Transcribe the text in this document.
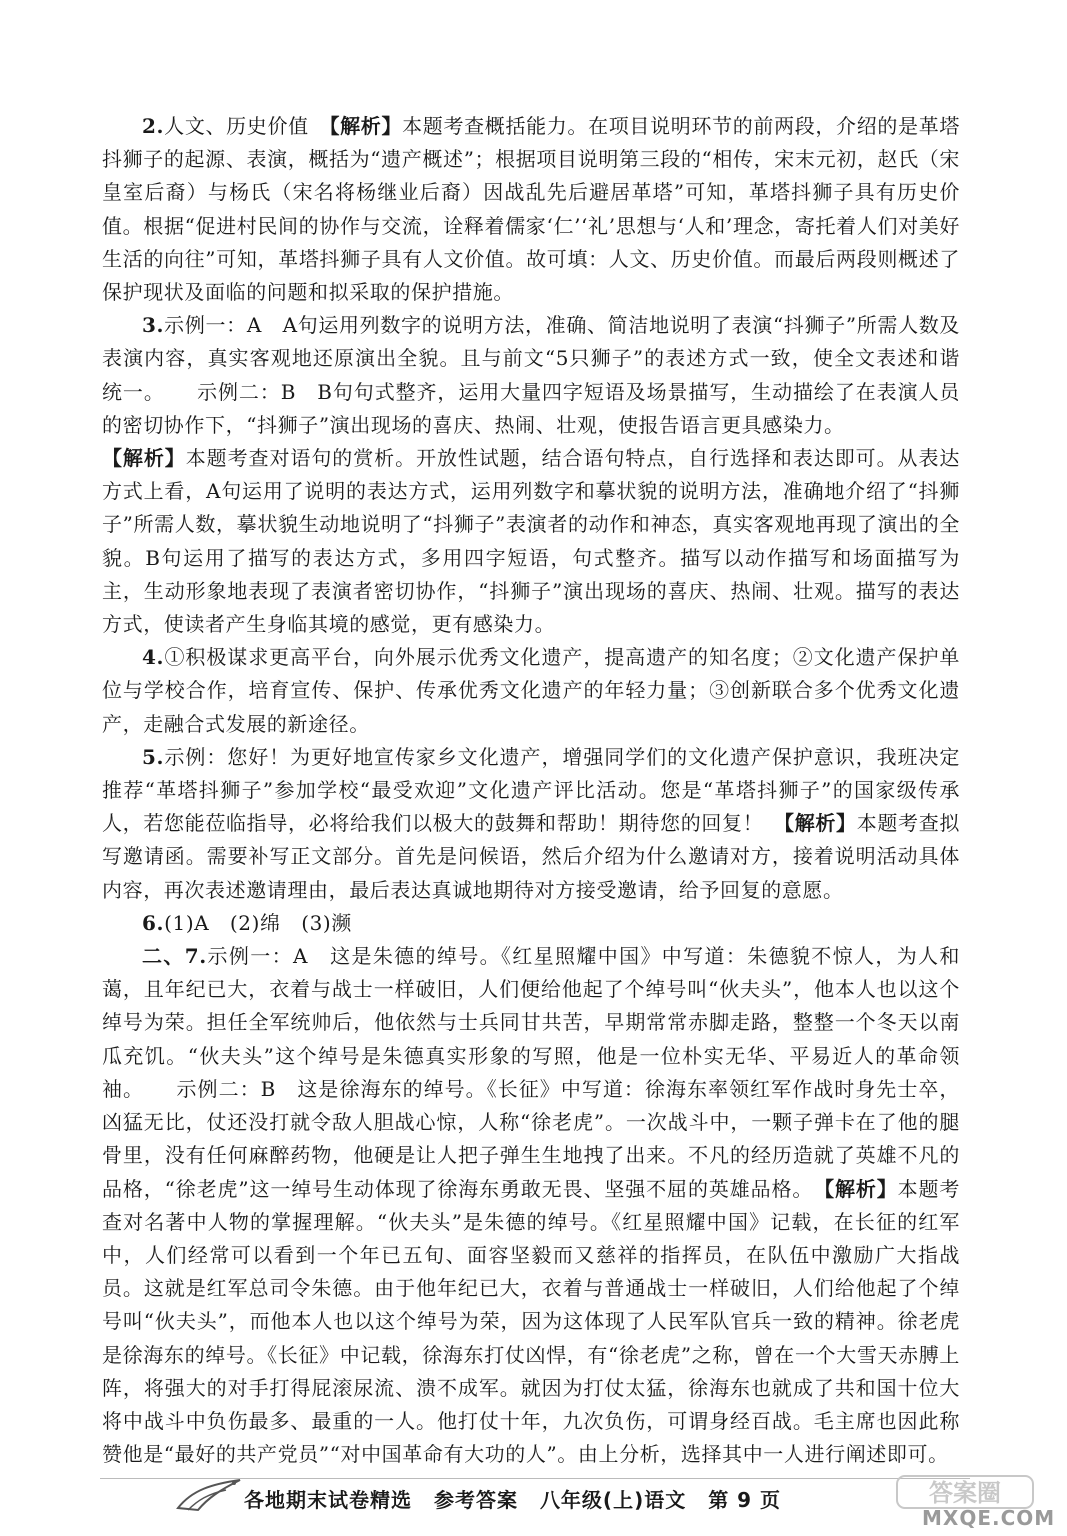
2.人文、历史价值　【解析】本题考查概括能力。在项目说明环节的前两段，介绍的是革塔抖狮子的起源、表演，概括为“遗产概述”；根据项目说明第三段的“相传，宋末元初，赵氏（宋皇室后裔）与杨氏（宋名将杨继业后裔）因战乱先后避居革塔”可知，革塔抖狮子具有历史价值。根据“促进村民间的协作与交流，诠释着儒家‘仁’‘礼’思想与‘人和’理念，寄托着人们对美好生活的向往”可知，革塔抖狮子具有人文价值。故可填：人文、历史价值。而最后两段则概述了保护现状及面临的问题和拟采取的保护措施。

3.示例一：A　A句运用列数字的说明方法，准确、简洁地说明了表演“抖狮子”所需人数及表演内容，真实客观地还原演出全貌。且与前文“5只狮子”的表述方式一致，使全文表述和谐统一。 示例二：B　B句句式整齐，运用大量四字短语及场景描写，生动描绘了在表演人员的密切协作下，“抖狮子”演出现场的喜庆、热闹、壮观，使报告语言更具感染力。

【解析】本题考查对语句的赏析。开放性试题，结合语句特点，自行选择和表达即可。从表达方式上看，A句运用了说明的表达方式，运用列数字和摹状貌的说明方法，准确地介绍了“抖狮子”所需人数，摹状貌生动地说明了“抖狮子”表演者的动作和神态，真实客观地再现了演出的全貌。B句运用了描写的表达方式，多用四字短语，句式整齐。描写以动作描写和场面描写为主，生动形象地表现了表演者密切协作，“抖狮子”演出现场的喜庆、热闹、壮观。描写的表达方式，使读者产生身临其境的感觉，更有感染力。

4.①积极谋求更高平台，向外展示优秀文化遗产，提高遗产的知名度；②文化遗产保护单位与学校合作，培育宣传、保护、传承优秀文化遗产的年轻力量；③创新联合多个优秀文化遗产，走融合式发展的新途径。

5.示例：您好！为更好地宣传家乡文化遗产，增强同学们的文化遗产保护意识，我班决定推荐“革塔抖狮子”参加学校“最受欢迎”文化遗产评比活动。您是“革塔抖狮子”的国家级传承人，若您能莅临指导，必将给我们以极大的鼓舞和帮助！期待您的回复！　【解析】本题考查拟写邀请函。需要补写正文部分。首先是问候语，然后介绍为什么邀请对方，接着说明活动具体内容，再次表述邀请理由，最后表达真诚地期待对方接受邀请，给予回复的意愿。

6.(1)A　(2)绵　(3)濒

二、7.示例一：A　这是朱德的绰号。《红星照耀中国》中写道：朱德貌不惊人，为人和蔼，且年纪已大，衣着与战士一样破旧，人们便给他起了个绰号叫“伙夫头”，他本人也以这个绰号为荣。担任全军统帅后，他依然与士兵同甘共苦，早期常常赤脚走路，整整一个冬天以南瓜充饥。“伙夫头”这个绰号是朱德真实形象的写照，他是一位朴实无华、平易近人的革命领袖。 示例二：B　这是徐海东的绰号。《长征》中写道：徐海东率领红军作战时身先士卒，凶猛无比，仗还没打就令敌人胆战心惊，人称“徐老虎”。一次战斗中，一颗子弹卡在了他的腿骨里，没有任何麻醉药物，他硬是让人把子弹生生地拽了出来。不凡的经历造就了英雄不凡的品格，“徐老虎”这一绰号生动体现了徐海东勇敢无畏、坚强不屈的英雄品格。　【解析】本题考查对名著中人物的掌握理解。“伙夫头”是朱德的绰号。《红星照耀中国》记载，在长征的红军中，人们经常可以看到一个年已五旬、面容坚毅而又慈祥的指挥员，在队伍中激励广大指战员。这就是红军总司令朱德。由于他年纪已大，衣着与普通战士一样破旧，人们给他起了个绰号叫“伙夫头”，而他本人也以这个绰号为荣，因为这体现了人民军队官兵一致的精神。徐老虎是徐海东的绰号。《长征》中记载，徐海东打仗凶悍，有“徐老虎”之称，曾在一个大雪天赤膊上阵，将强大的对手打得屁滚尿流、溃不成军。就因为打仗太猛，徐海东也就成了共和国十位大将中战斗中负伤最多、最重的一人。他打仗十年，九次负伤，可谓身经百战。毛主席也因此称赞他是“最好的共产党员”“对中国革命有大功的人”。由上分析，选择其中一人进行阐述即可。

各地期末试卷精选 参考答案 八年级(上)语文 第 9 页	答案圈
MXQE.COM
